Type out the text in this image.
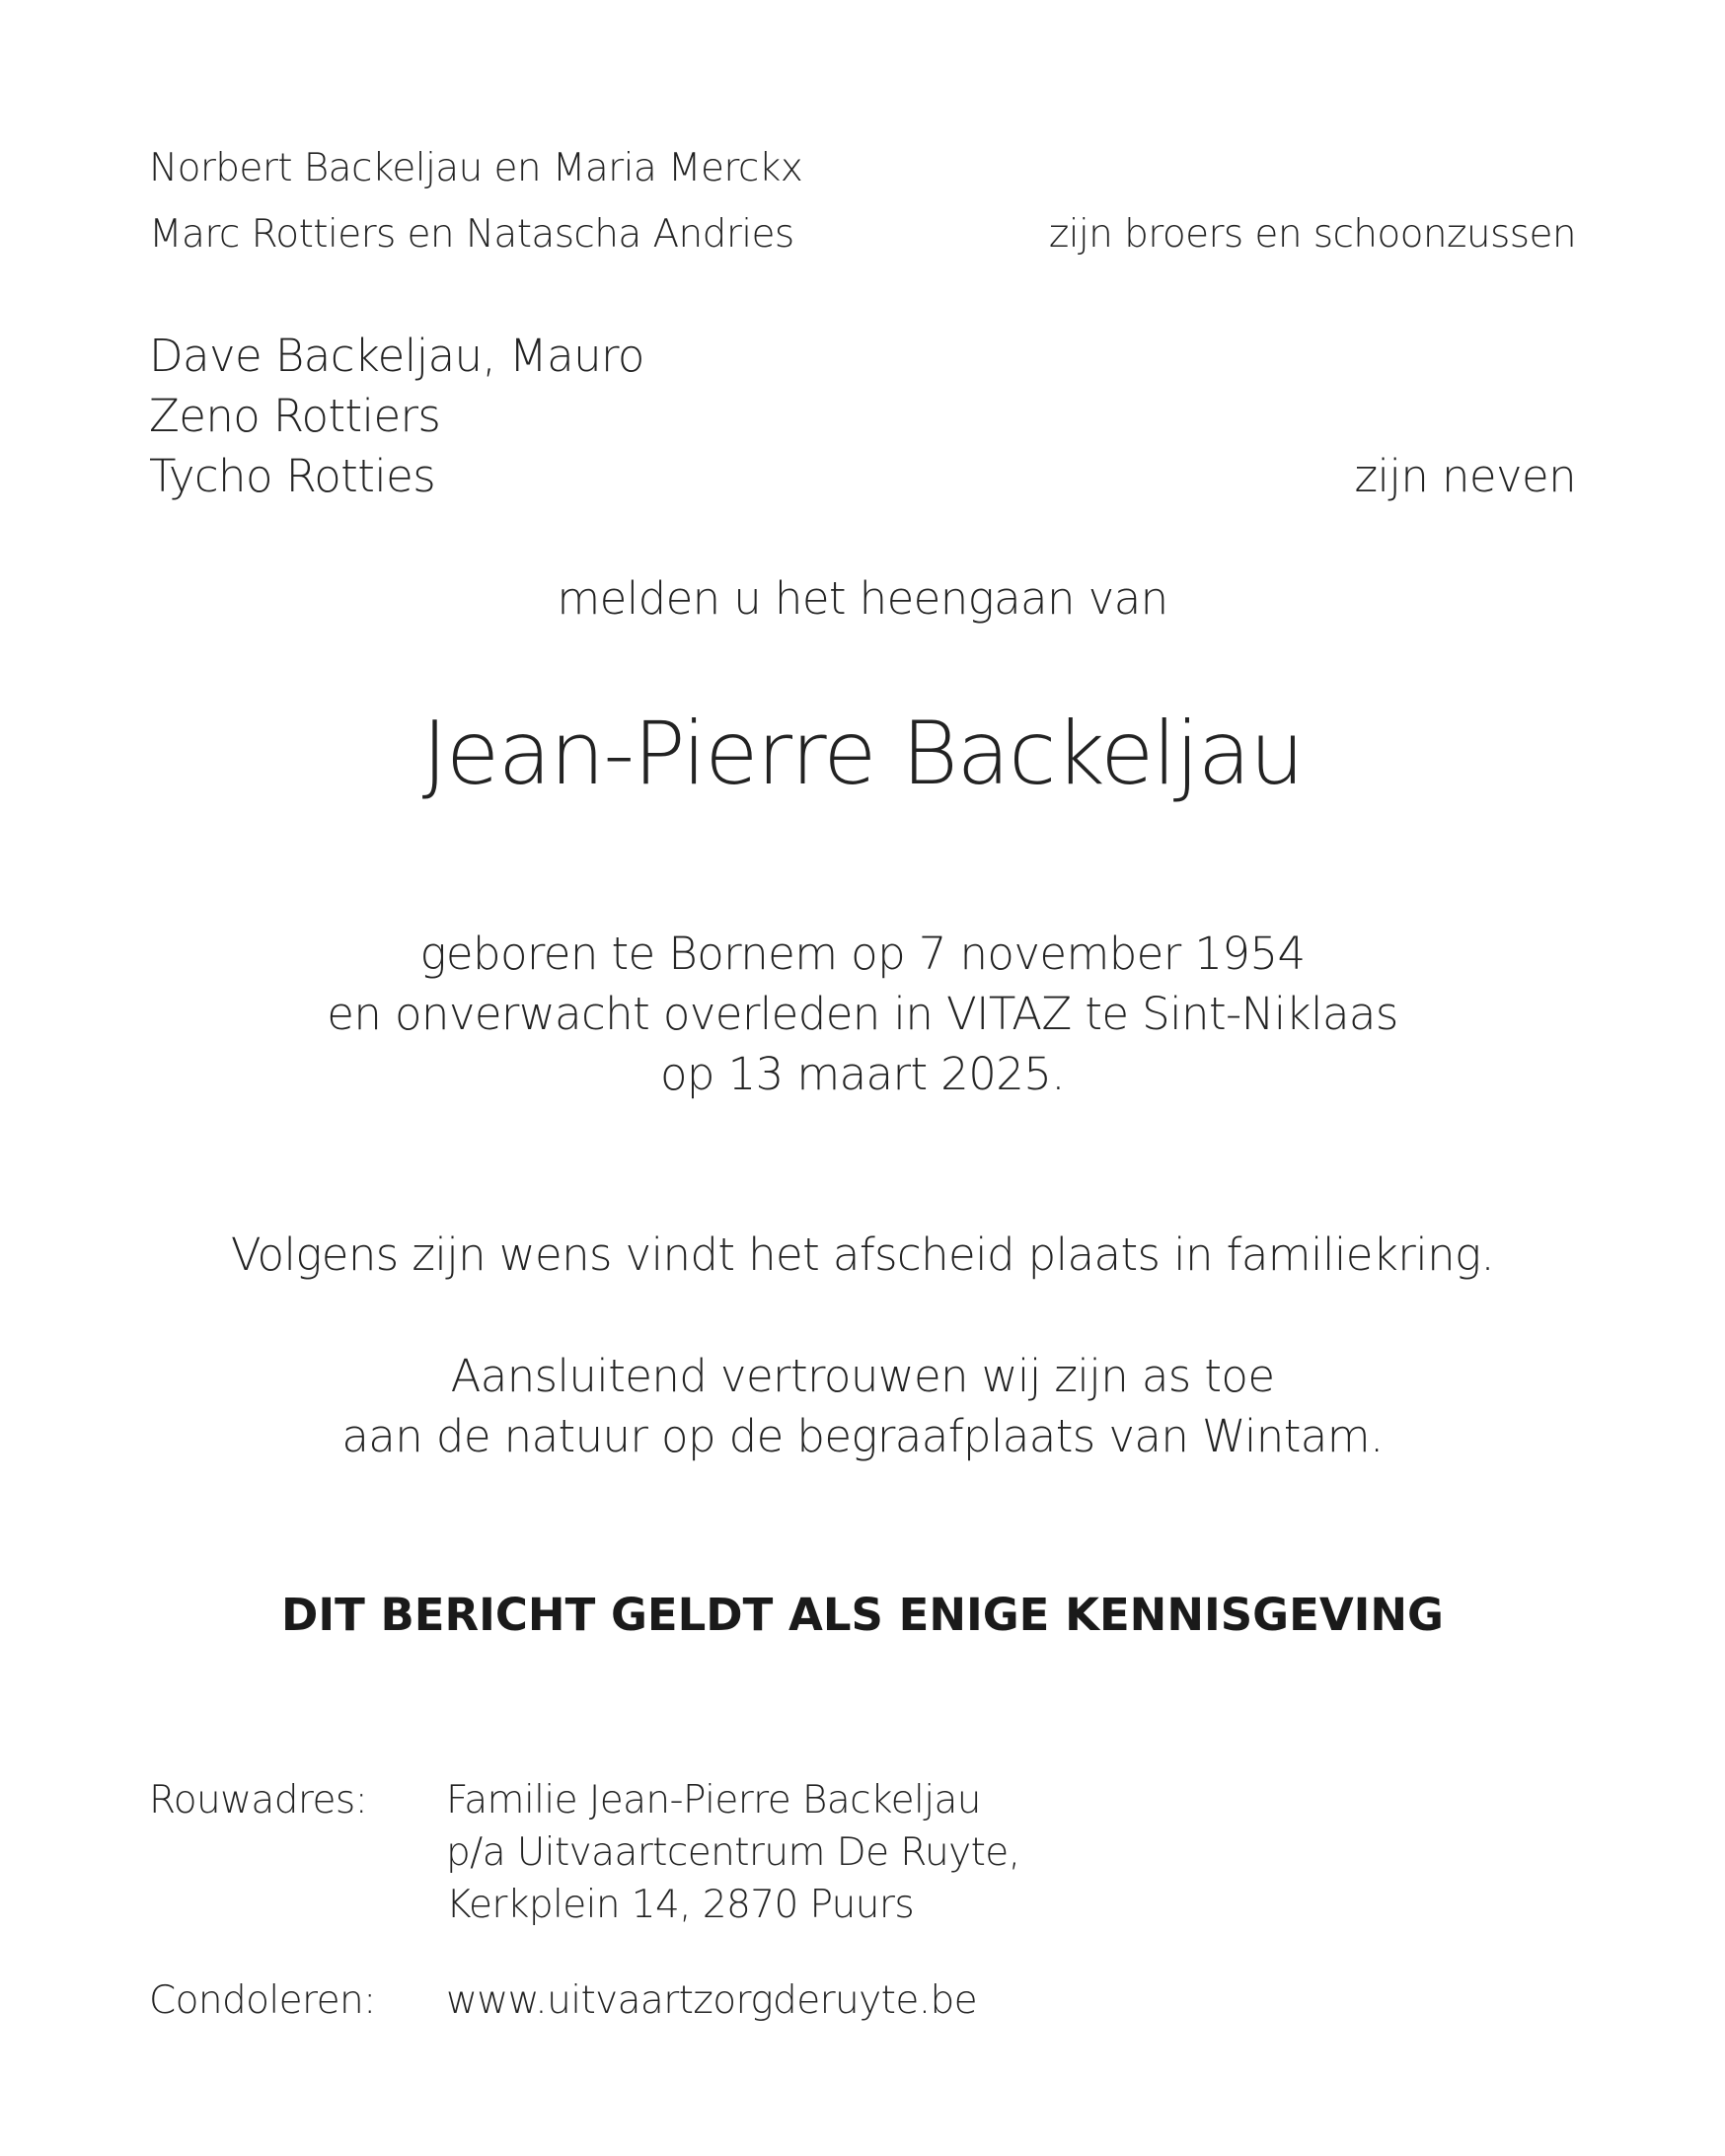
Norbert Backeljau en Maria Merckx
Marc Rottiers en Natascha Andries	zijn broers en schoonzussen
Dave Backeljau, Mauro
Zeno Rottiers
Tycho Rotties	zijn neven
melden u het heengaan van
Jean-Pierre Backeljau
geboren te Bornem op 7 november 1954
en onverwacht overleden in VITAZ te Sint-Niklaas
op 13 maart 2025.
Volgens zijn wens vindt het afscheid plaats in familiekring.
Aansluitend vertrouwen wij zijn as toe
aan de natuur op de begraafplaats van Wintam.
DIT BERICHT GELDT ALS ENIGE KENNISGEVING
Rouwadres: Familie Jean-Pierre Backeljau
p/a Uitvaartcentrum De Ruyte,
Kerkplein 14, 2870 Puurs
Condoleren: www.uitvaartzorgderuyte.be
